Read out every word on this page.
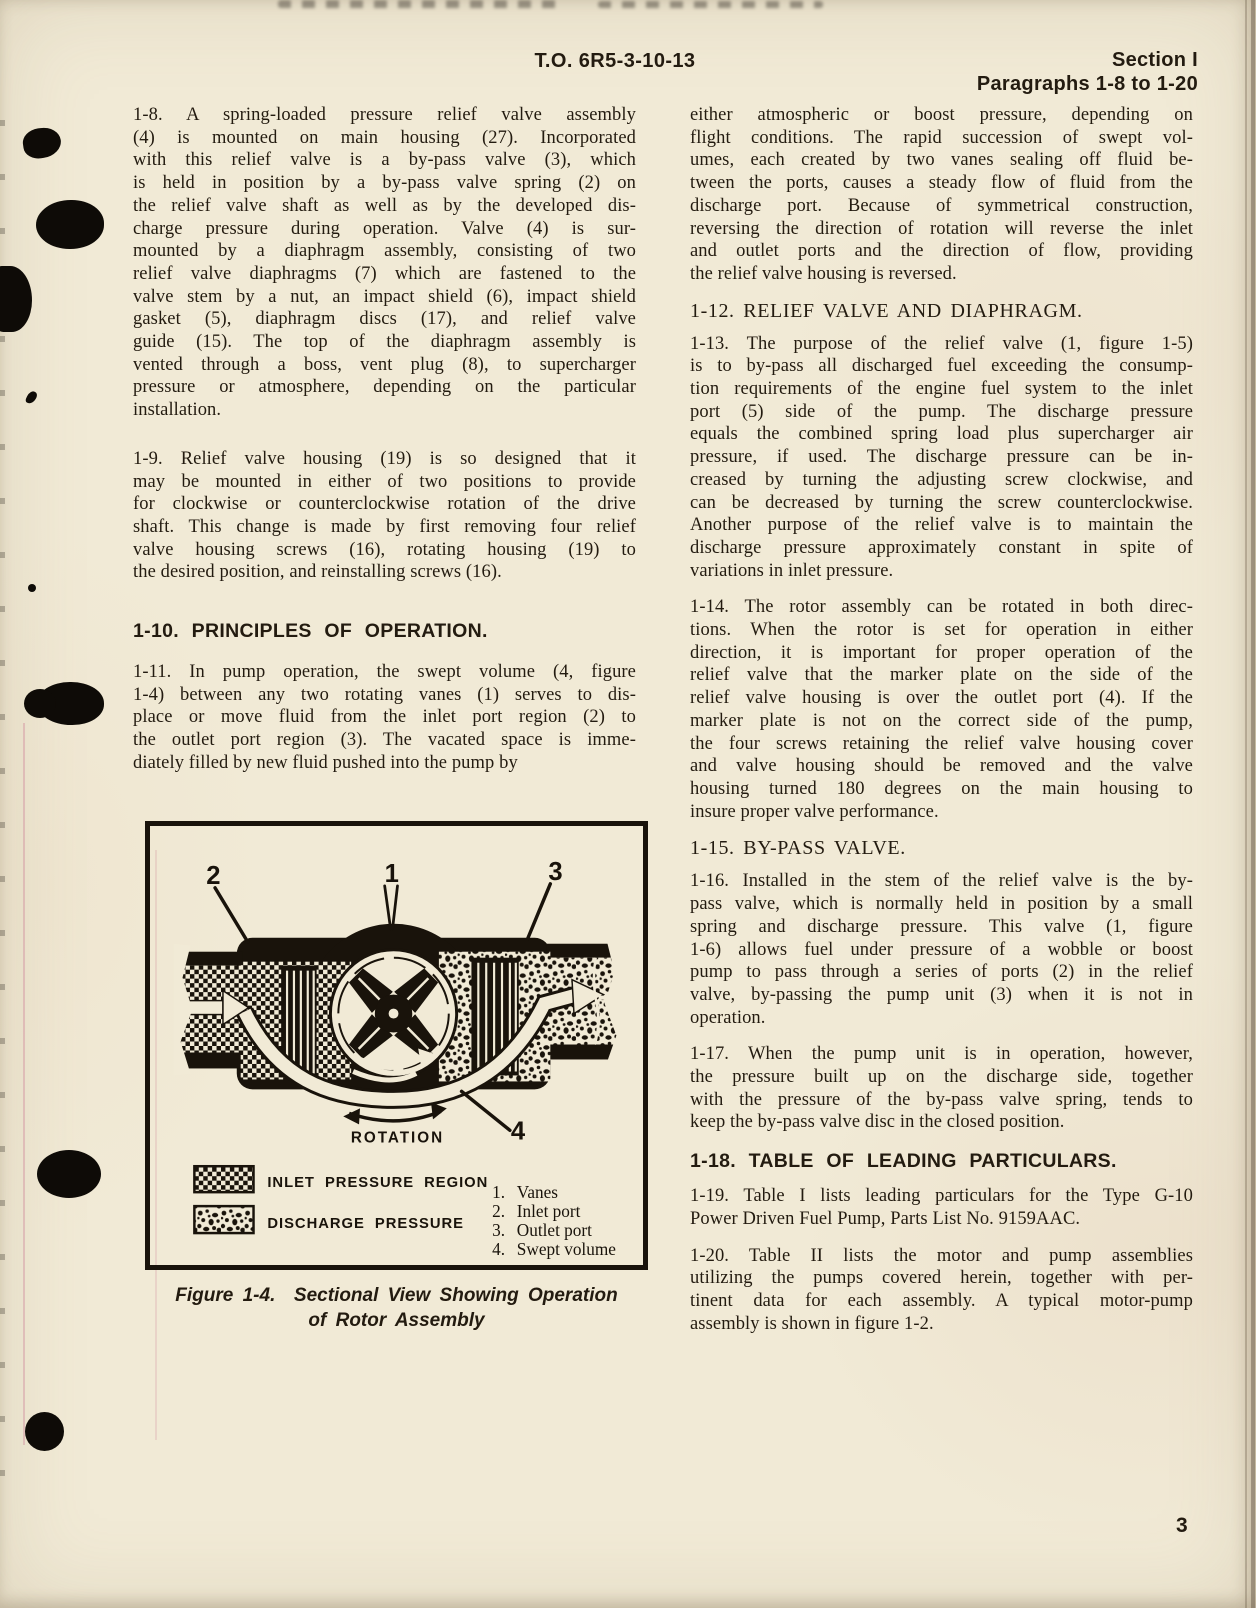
T.O. 6R5-3-10-13	Section I
Paragraphs 1-8 to 1-20
1-8. A spring-loaded pressure relief valve assembly
(4) is mounted on main housing (27). Incorporated
with this relief valve is a by-pass valve (3), which
is held in position by a by-pass valve spring (2) on
the relief valve shaft as well as by the developed dis-
charge pressure during operation. Valve (4) is sur-
mounted by a diaphragm assembly, consisting of two
relief valve diaphragms (7) which are fastened to the
valve stem by a nut, an impact shield (6), impact shield
gasket (5), diaphragm discs (17), and relief valve
guide (15). The top of the diaphragm assembly is
vented through a boss, vent plug (8), to supercharger
pressure or atmosphere, depending on the particular
installation.
1-9. Relief valve housing (19) is so designed that it
may be mounted in either of two positions to provide
for clockwise or counterclockwise rotation of the drive
shaft. This change is made by first removing four relief
valve housing screws (16), rotating housing (19) to
the desired position, and reinstalling screws (16).
1-10. PRINCIPLES OF OPERATION.
1-11. In pump operation, the swept volume (4, figure
1-4) between any two rotating vanes (1) serves to dis-
place or move fluid from the inlet port region (2) to
the outlet port region (3). The vacated space is imme-
diately filled by new fluid pushed into the pump by
2	1	3
4
ROTATION
INLET PRESSURE REGION
DISCHARGE PRESSURE
1. Vanes
2. Inlet port
3. Outlet port
4. Swept volume
Figure 1-4.  Sectional View Showing Operation
of Rotor Assembly
either atmospheric or boost pressure, depending on
flight conditions. The rapid succession of swept vol-
umes, each created by two vanes sealing off fluid be-
tween the ports, causes a steady flow of fluid from the
discharge port. Because of symmetrical construction,
reversing the direction of rotation will reverse the inlet
and outlet ports and the direction of flow, providing
the relief valve housing is reversed.
1-12. RELIEF VALVE AND DIAPHRAGM.
1-13. The purpose of the relief valve (1, figure 1-5)
is to by-pass all discharged fuel exceeding the consump-
tion requirements of the engine fuel system to the inlet
port (5) side of the pump. The discharge pressure
equals the combined spring load plus supercharger air
pressure, if used. The discharge pressure can be in-
creased by turning the adjusting screw clockwise, and
can be decreased by turning the screw counterclockwise.
Another purpose of the relief valve is to maintain the
discharge pressure approximately constant in spite of
variations in inlet pressure.
1-14. The rotor assembly can be rotated in both direc-
tions. When the rotor is set for operation in either
direction, it is important for proper operation of the
relief valve that the marker plate on the side of the
relief valve housing is over the outlet port (4). If the
marker plate is not on the correct side of the pump,
the four screws retaining the relief valve housing cover
and valve housing should be removed and the valve
housing turned 180 degrees on the main housing to
insure proper valve performance.
1-15. BY-PASS VALVE.
1-16. Installed in the stem of the relief valve is the by-
pass valve, which is normally held in position by a small
spring and discharge pressure. This valve (1, figure
1-6) allows fuel under pressure of a wobble or boost
pump to pass through a series of ports (2) in the relief
valve, by-passing the pump unit (3) when it is not in
operation.
1-17. When the pump unit is in operation, however,
the pressure built up on the discharge side, together
with the pressure of the by-pass valve spring, tends to
keep the by-pass valve disc in the closed position.
1-18. TABLE OF LEADING PARTICULARS.
1-19. Table I lists leading particulars for the Type G-10
Power Driven Fuel Pump, Parts List No. 9159AAC.
1-20. Table II lists the motor and pump assemblies
utilizing the pumps covered herein, together with per-
tinent data for each assembly. A typical motor-pump
assembly is shown in figure 1-2.
3
